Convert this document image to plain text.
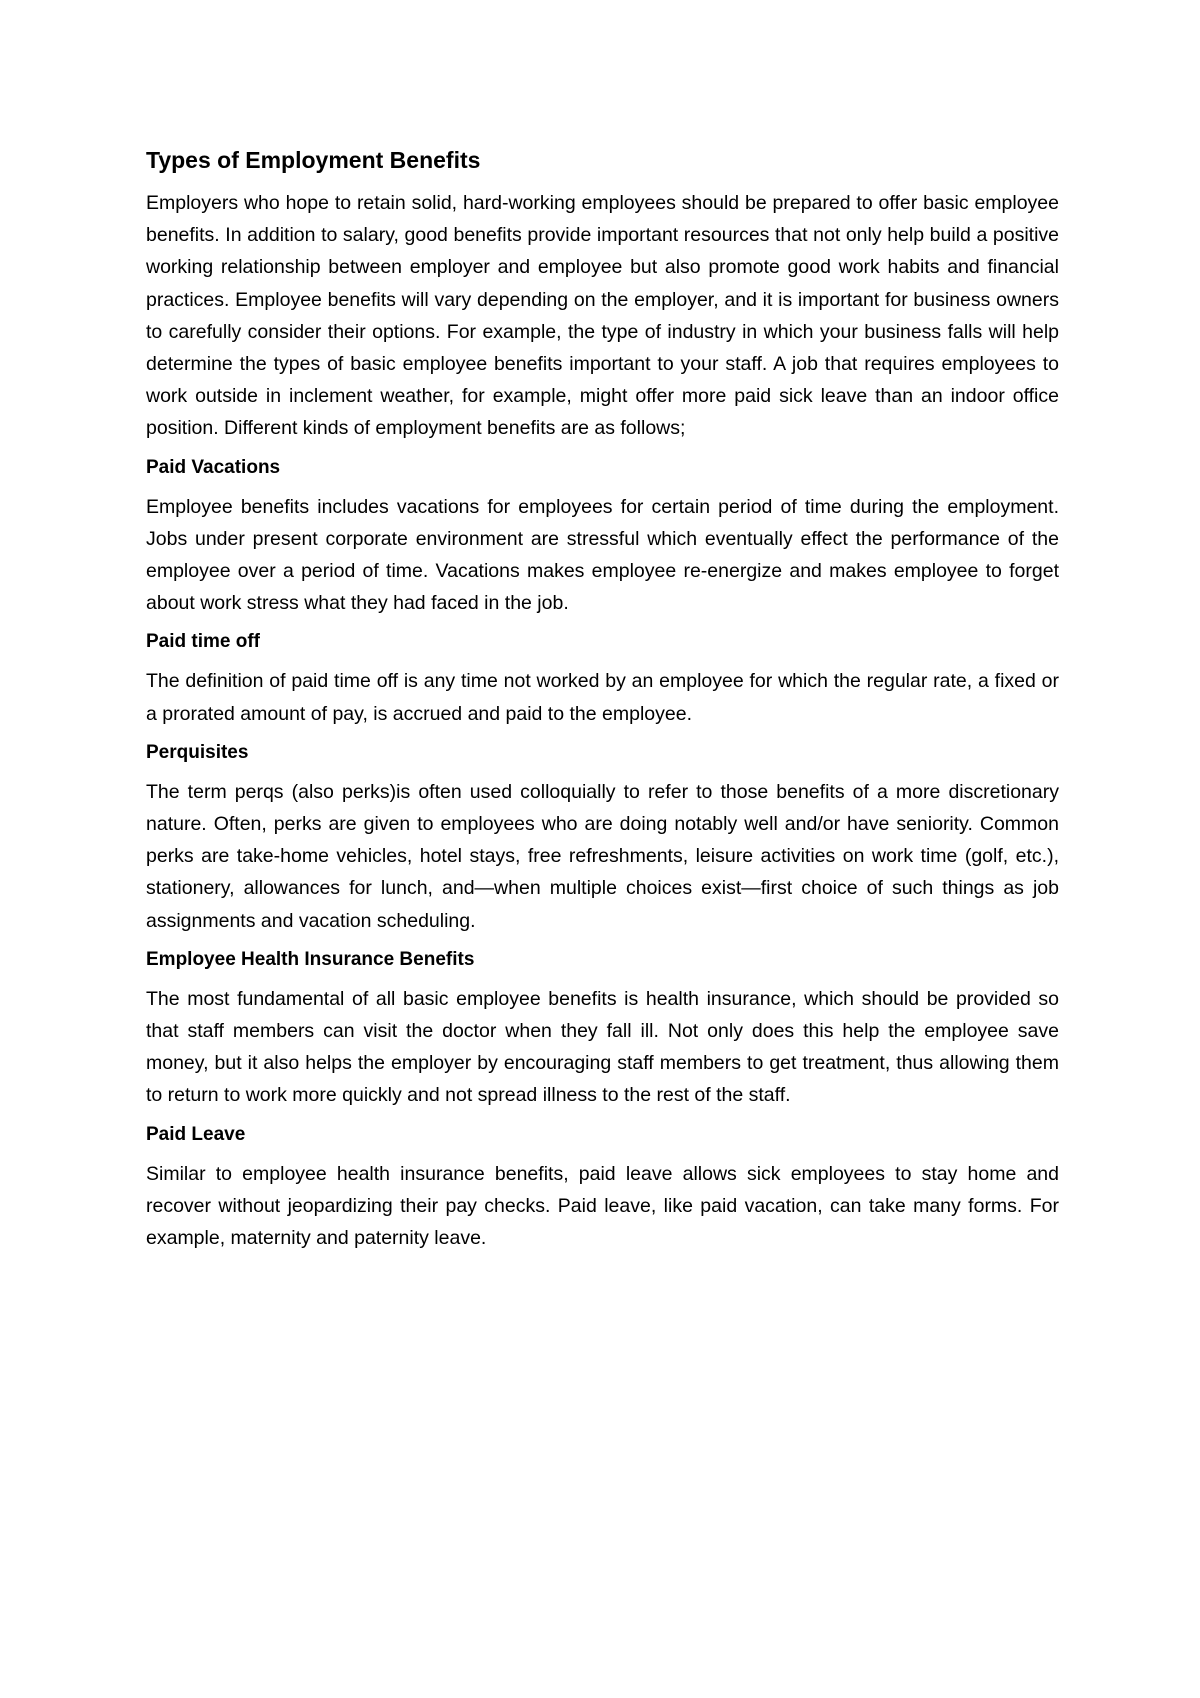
Types of Employment Benefits

Employers who hope to retain solid, hard-working employees should be prepared to offer basic employee benefits. In addition to salary, good benefits provide important resources that not only help build a positive working relationship between employer and employee but also promote good work habits and financial practices. Employee benefits will vary depending on the employer, and it is important for business owners to carefully consider their options. For example, the type of industry in which your business falls will help determine the types of basic employee benefits important to your staff. A job that requires employees to work outside in inclement weather, for example, might offer more paid sick leave than an indoor office position. Different kinds of employment benefits are as follows;

Paid Vacations

Employee benefits includes vacations for employees for certain period of time during the employment. Jobs under present corporate environment are stressful which eventually effect the performance of the employee over a period of time. Vacations makes employee re-energize and makes employee to forget about work stress what they had faced in the job.

Paid time off

The definition of paid time off is any time not worked by an employee for which the regular rate, a fixed or a prorated amount of pay, is accrued and paid to the employee.

Perquisites

The term perqs (also perks)is often used colloquially to refer to those benefits of a more discretionary nature. Often, perks are given to employees who are doing notably well and/or have seniority. Common perks are take-home vehicles, hotel stays, free refreshments, leisure activities on work time (golf, etc.), stationery, allowances for lunch, and—when multiple choices exist—first choice of such things as job assignments and vacation scheduling.

Employee Health Insurance Benefits

The most fundamental of all basic employee benefits is health insurance, which should be provided so that staff members can visit the doctor when they fall ill. Not only does this help the employee save money, but it also helps the employer by encouraging staff members to get treatment, thus allowing them to return to work more quickly and not spread illness to the rest of the staff.

Paid Leave

Similar to employee health insurance benefits, paid leave allows sick employees to stay home and recover without jeopardizing their pay checks. Paid leave, like paid vacation, can take many forms. For example, maternity and paternity leave.
